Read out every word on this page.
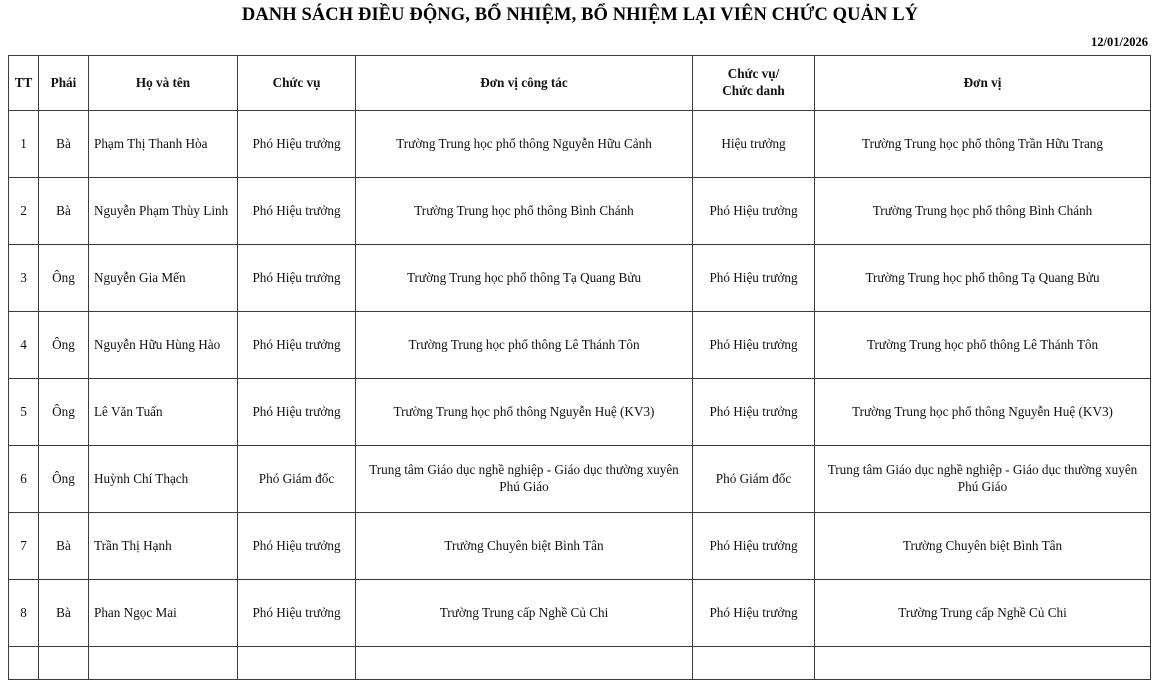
DANH SÁCH ĐIỀU ĐỘNG, BỔ NHIỆM, BỔ NHIỆM LẠI VIÊN CHỨC QUẢN LÝ
12/01/2026
TT	Phái	Họ và tên	Chức vụ	Đơn vị công tác	Chức vụ/
Chức danh	Đơn vị
1	Bà	Phạm Thị Thanh Hòa	Phó Hiệu trưởng	Trường Trung học phổ thông Nguyễn Hữu Cảnh	Hiệu trưởng	Trường Trung học phổ thông Trần Hữu Trang
2	Bà	Nguyễn Phạm Thùy Linh	Phó Hiệu trưởng	Trường Trung học phổ thông Bình Chánh	Phó Hiệu trưởng	Trường Trung học phổ thông Bình Chánh
3	Ông	Nguyễn Gia Mến	Phó Hiệu trưởng	Trường Trung học phổ thông Tạ Quang Bửu	Phó Hiệu trưởng	Trường Trung học phổ thông Tạ Quang Bửu
4	Ông	Nguyễn Hữu Hùng Hào	Phó Hiệu trưởng	Trường Trung học phổ thông Lê Thánh Tôn	Phó Hiệu trưởng	Trường Trung học phổ thông Lê Thánh Tôn
5	Ông	Lê Văn Tuấn	Phó Hiệu trưởng	Trường Trung học phổ thông Nguyễn Huệ (KV3)	Phó Hiệu trưởng	Trường Trung học phổ thông Nguyễn Huệ (KV3)
6	Ông	Huỳnh Chí Thạch	Phó Giám đốc	Trung tâm Giáo dục nghề nghiệp - Giáo dục thường xuyên Phú Giáo	Phó Giám đốc	Trung tâm Giáo dục nghề nghiệp - Giáo dục thường xuyên Phú Giáo
7	Bà	Trần Thị Hạnh	Phó Hiệu trưởng	Trường Chuyên biệt Bình Tân	Phó Hiệu trưởng	Trường Chuyên biệt Bình Tân
8	Bà	Phan Ngọc Mai	Phó Hiệu trưởng	Trường Trung cấp Nghề Củ Chi	Phó Hiệu trưởng	Trường Trung cấp Nghề Củ Chi
